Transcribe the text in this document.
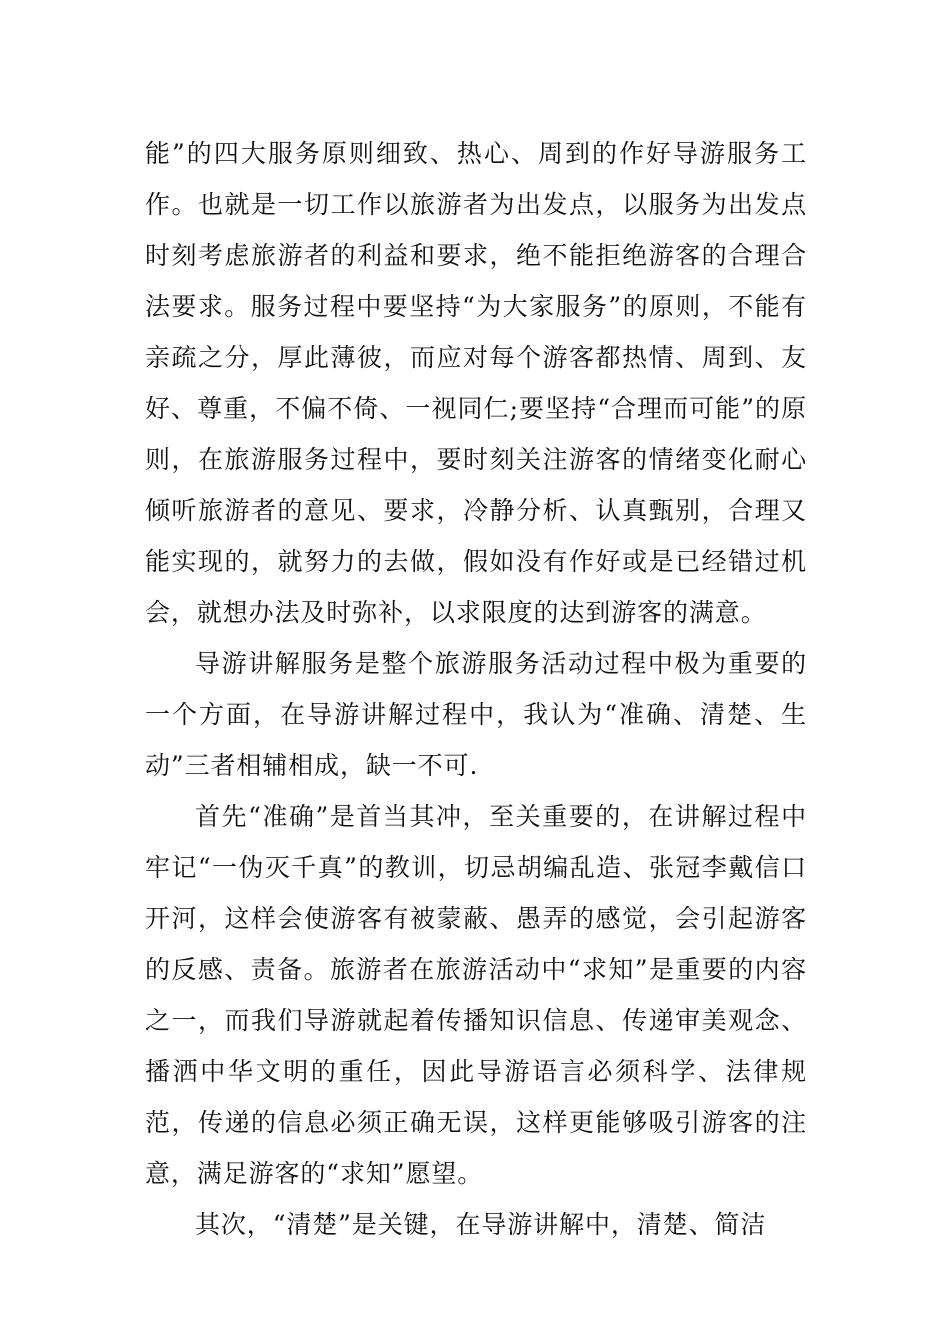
能”的四大服务原则细致、热心、周到的作好导游服务工作。也就是一切工作以旅游者为出发点，以服务为出发点时刻考虑旅游者的利益和要求，绝不能拒绝游客的合理合法要求。服务过程中要坚持“为大家服务”的原则，不能有亲疏之分，厚此薄彼，而应对每个游客都热情、周到、友好、尊重，不偏不倚、一视同仁;要坚持“合理而可能”的原则，在旅游服务过程中，要时刻关注游客的情绪变化耐心倾听旅游者的意见、要求，冷静分析、认真甄别，合理又能实现的，就努力的去做，假如没有作好或是已经错过机会，就想办法及时弥补，以求限度的达到游客的满意。

导游讲解服务是整个旅游服务活动过程中极为重要的一个方面，在导游讲解过程中，我认为“准确、清楚、生动”三者相辅相成，缺一不可.

首先“准确”是首当其冲，至关重要的，在讲解过程中牢记“一伪灭千真”的教训，切忌胡编乱造、张冠李戴信口开河，这样会使游客有被蒙蔽、愚弄的感觉，会引起游客的反感、责备。旅游者在旅游活动中“求知”是重要的内容之一，而我们导游就起着传播知识信息、传递审美观念、播洒中华文明的重任，因此导游语言必须科学、法律规范，传递的信息必须正确无误，这样更能够吸引游客的注意，满足游客的“求知”愿望。

其次，“清楚”是关键，在导游讲解中，清楚、简洁
